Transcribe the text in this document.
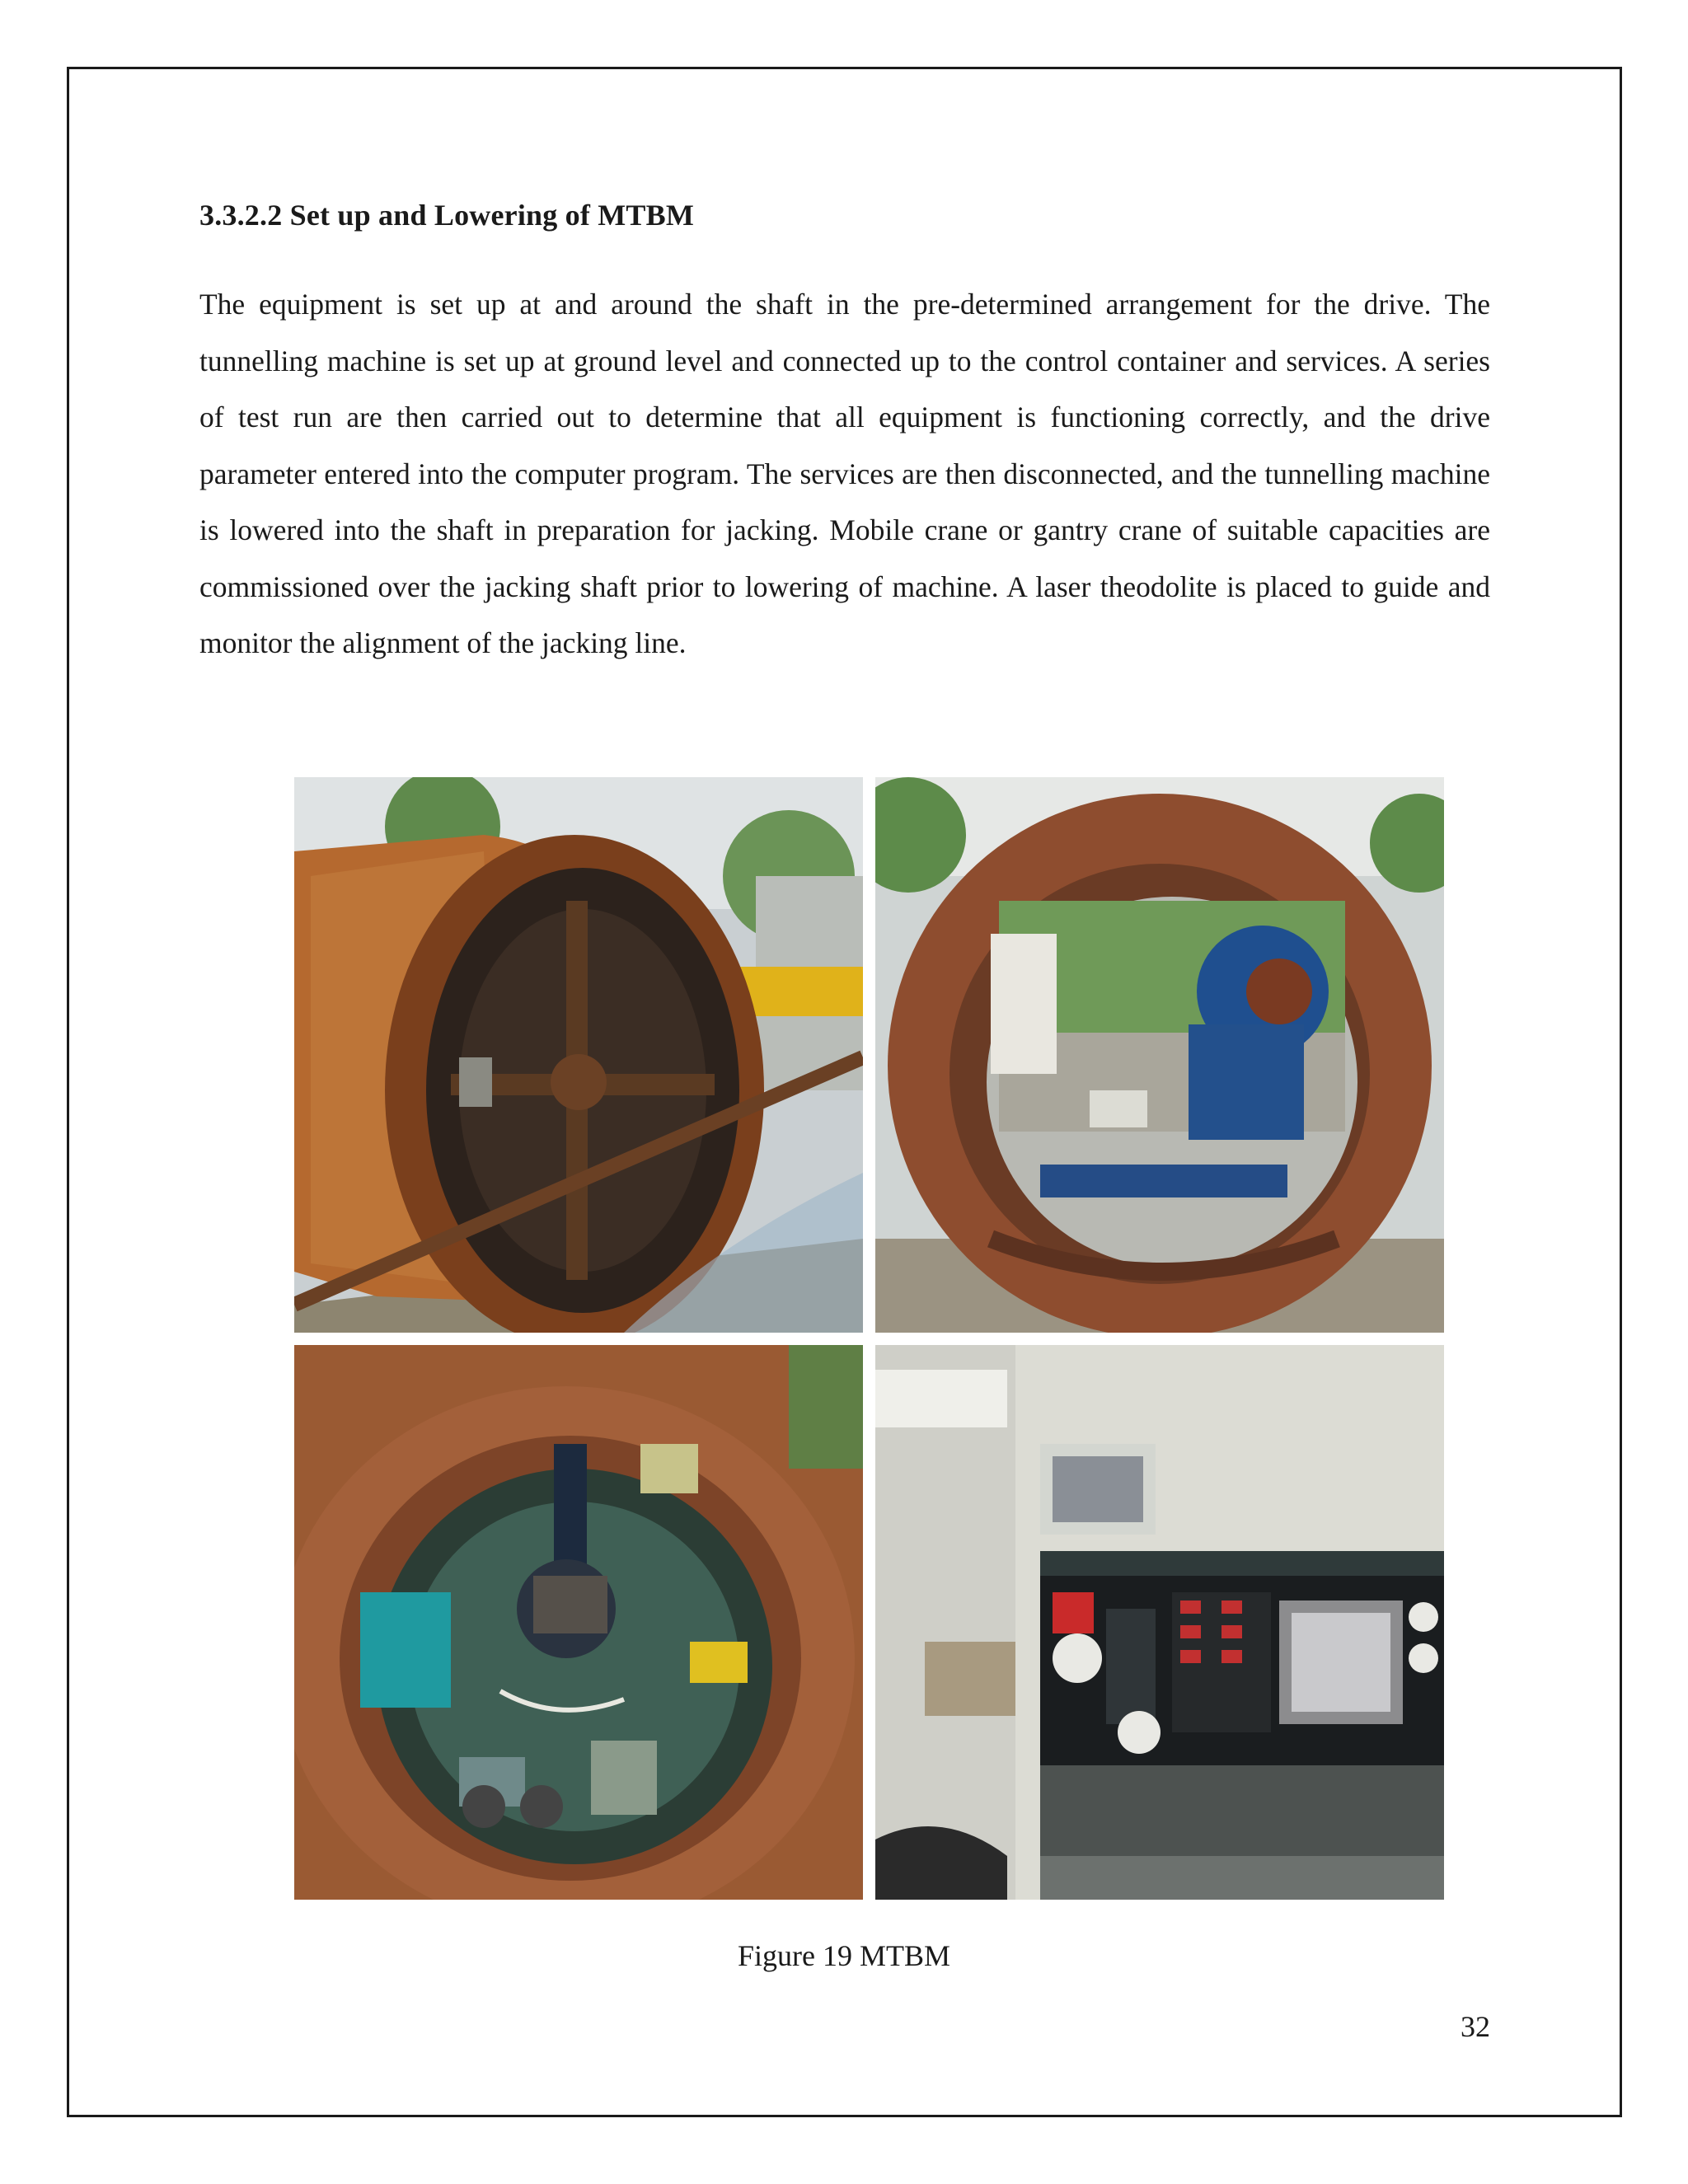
3.3.2.2 Set up and Lowering of MTBM
The equipment is set up at and around the shaft in the pre-determined arrangement for the drive. The tunnelling machine is set up at ground level and connected up to the control container and services. A series of test run are then carried out to determine that all equipment is functioning correctly, and the drive parameter entered into the computer program. The services are then disconnected, and the tunnelling machine is lowered into the shaft in preparation for jacking. Mobile crane or gantry crane of suitable capacities are commissioned over the jacking shaft prior to lowering of machine. A laser theodolite is placed to guide and monitor the alignment of the jacking line.
Figure 19 MTBM
32
